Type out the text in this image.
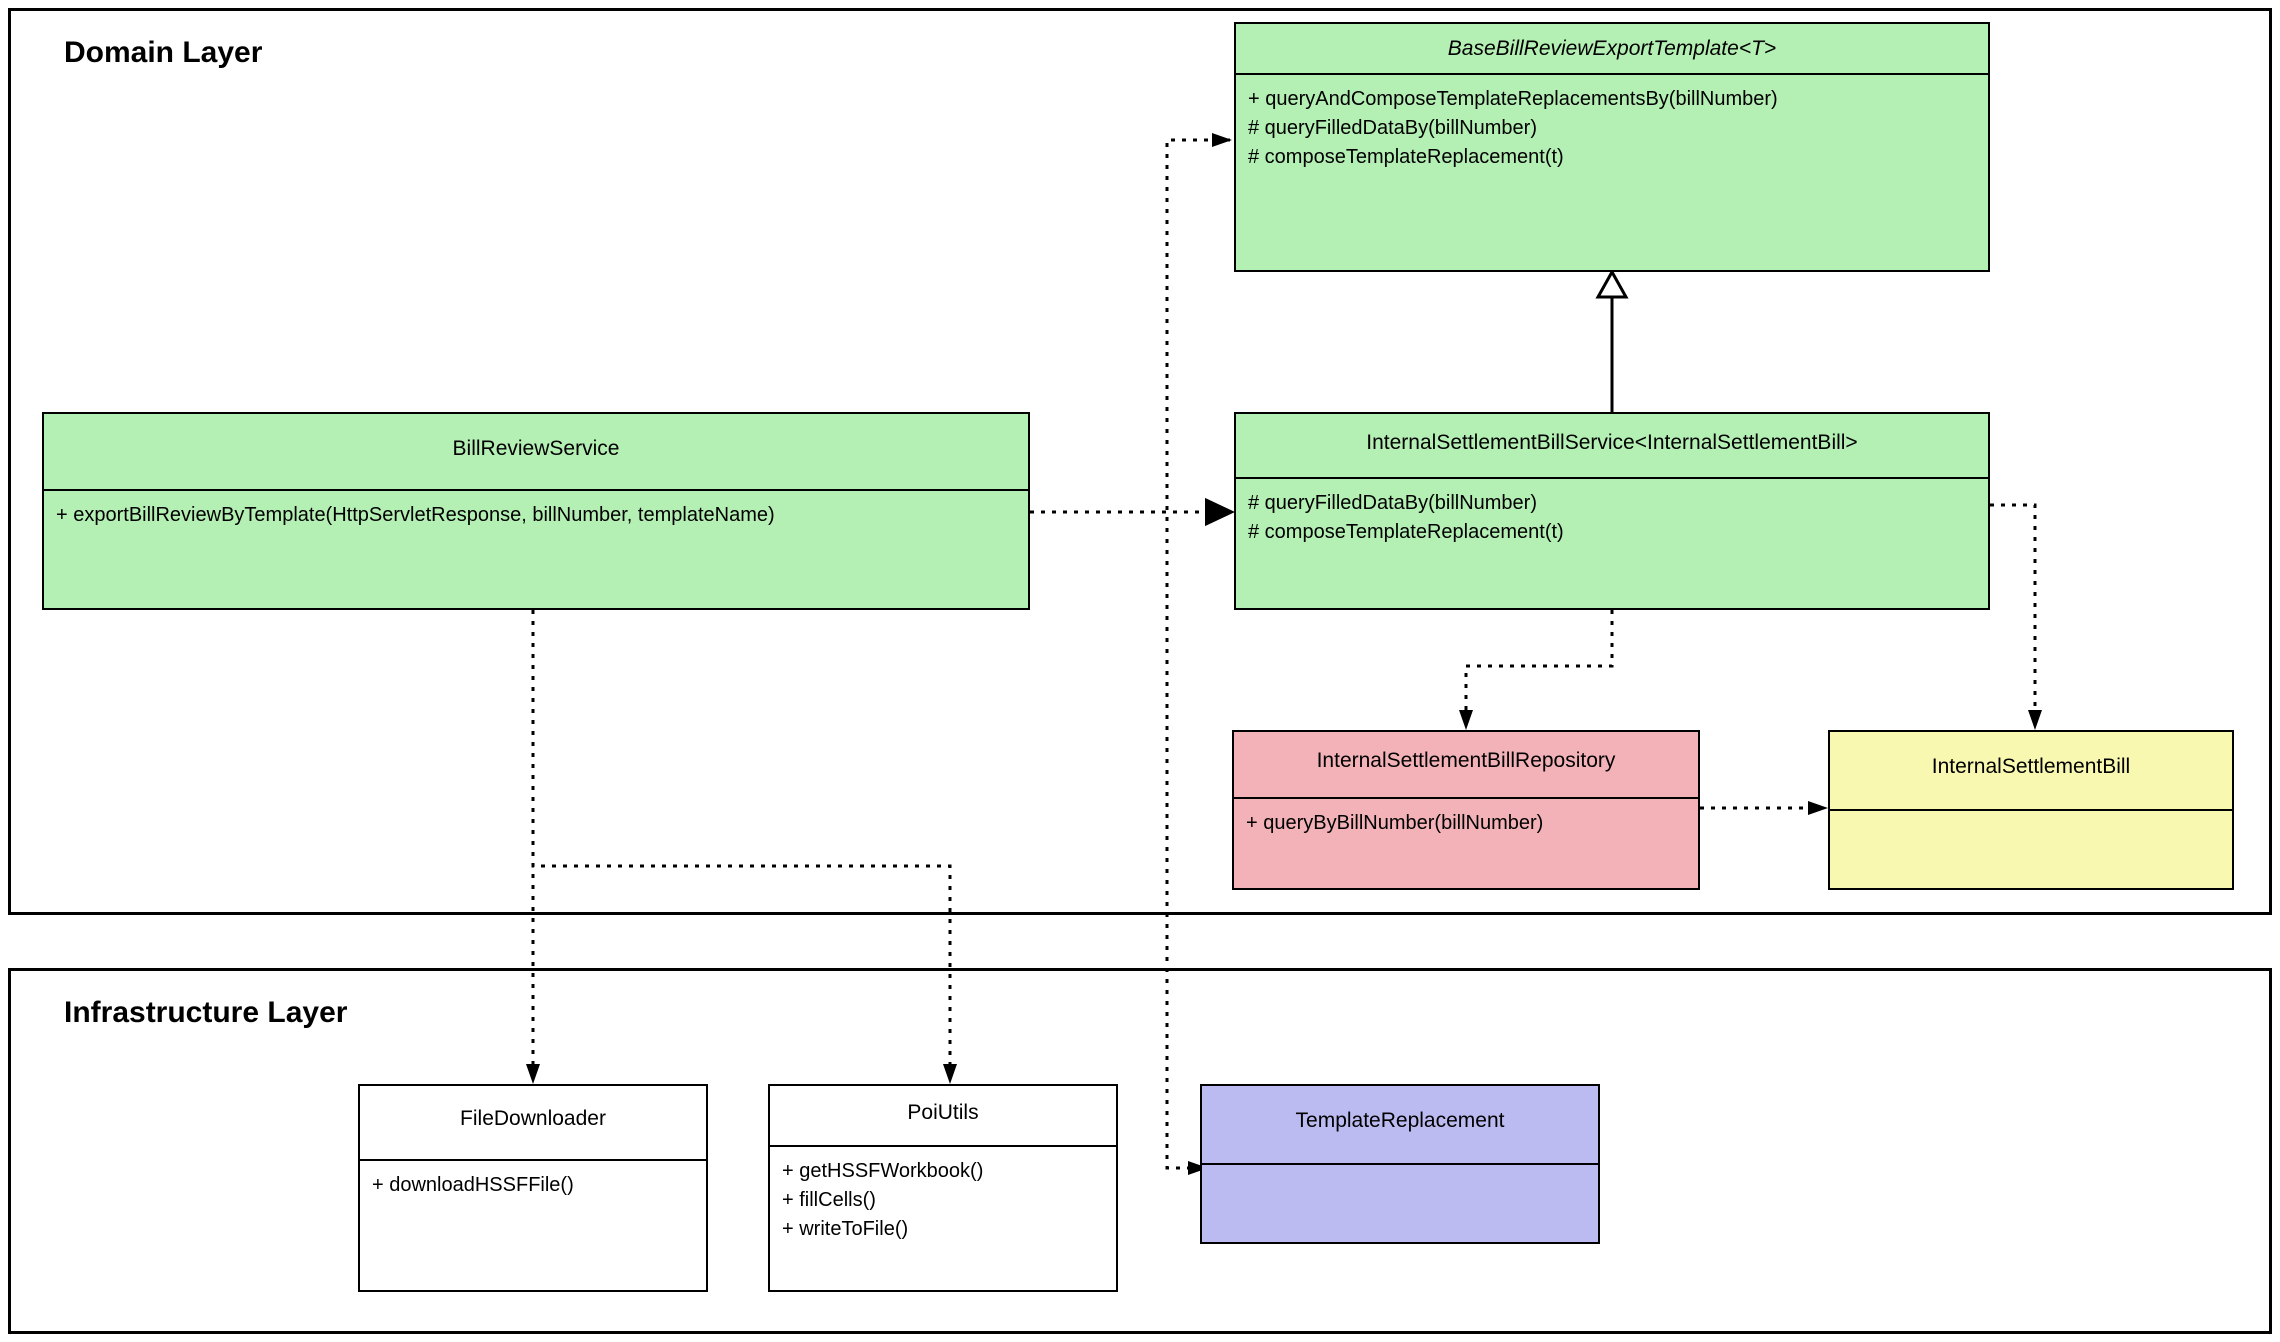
Domain Layer
Infrastructure Layer
BaseBillReviewExportTemplate<T>
+ queryAndComposeTemplateReplacementsBy(billNumber)
# queryFilledDataBy(billNumber)
# composeTemplateReplacement(t)
BillReviewService
+ exportBillReviewByTemplate(HttpServletResponse, billNumber, templateName)
InternalSettlementBillService<InternalSettlementBill>
# queryFilledDataBy(billNumber)
# composeTemplateReplacement(t)
InternalSettlementBillRepository
+ queryByBillNumber(billNumber)
InternalSettlementBill
FileDownloader
+ downloadHSSFFile()
PoiUtils
+ getHSSFWorkbook()
+ fillCells()
+ writeToFile()
TemplateReplacement
